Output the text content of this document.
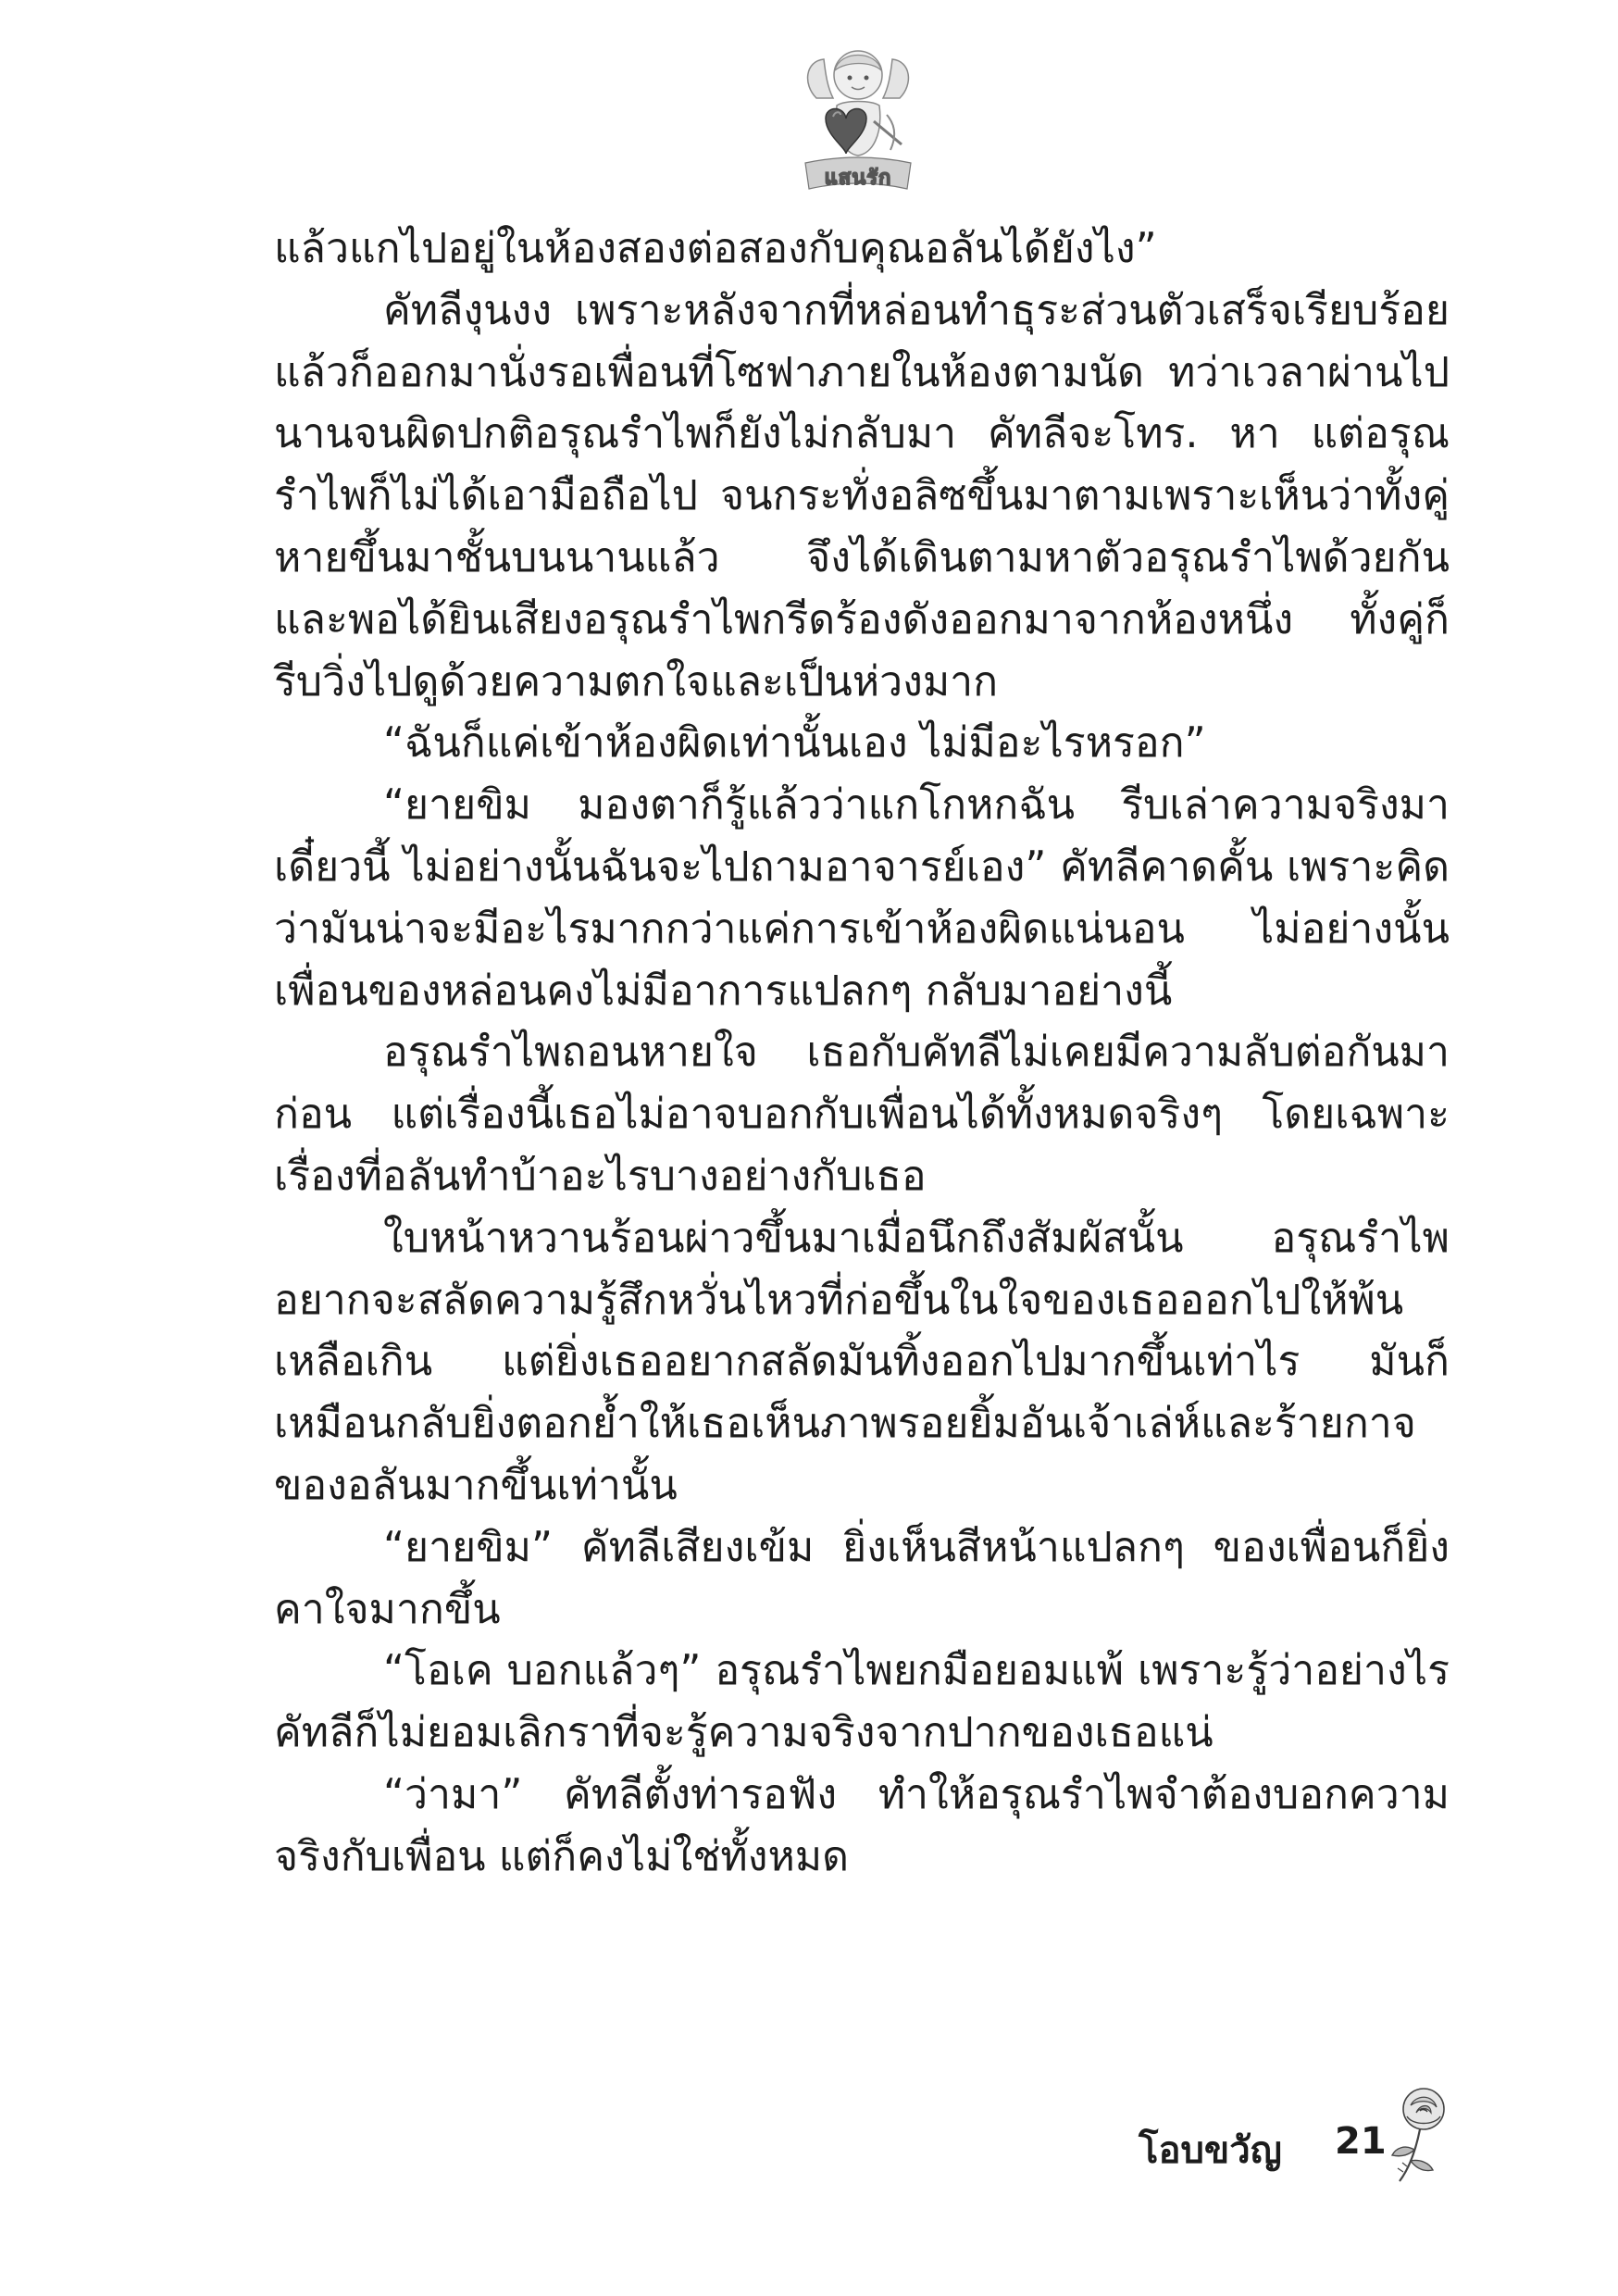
แสนรัก

แล้วแกไปอยู่ในห้องสองต่อสองกับคุณอลันได้ยังไง”

คัทลีงุนงง เพราะหลังจากที่หล่อนทำธุระส่วนตัวเสร็จเรียบร้อยแล้วก็ออกมานั่งรอเพื่อนที่โซฟาภายในห้องตามนัด ทว่าเวลาผ่านไปนานจนผิดปกติอรุณรำไพก็ยังไม่กลับมา คัทลีจะโทร. หา แต่อรุณรำไพก็ไม่ได้เอามือถือไป จนกระทั่งอลิซขึ้นมาตามเพราะเห็นว่าทั้งคู่หายขึ้นมาชั้นบนนานแล้ว จึงได้เดินตามหาตัวอรุณรำไพด้วยกัน และพอได้ยินเสียงอรุณรำไพกรีดร้องดังออกมาจากห้องหนึ่ง ทั้งคู่ก็รีบวิ่งไปดูด้วยความตกใจและเป็นห่วงมาก

“ฉันก็แค่เข้าห้องผิดเท่านั้นเอง ไม่มีอะไรหรอก”

“ยายขิม มองตาก็รู้แล้วว่าแกโกหกฉัน รีบเล่าความจริงมาเดี๋ยวนี้ ไม่อย่างนั้นฉันจะไปถามอาจารย์เอง” คัทลีคาดคั้น เพราะคิดว่ามันน่าจะมีอะไรมากกว่าแค่การเข้าห้องผิดแน่นอน ไม่อย่างนั้นเพื่อนของหล่อนคงไม่มีอาการแปลกๆ กลับมาอย่างนี้

อรุณรำไพถอนหายใจ เธอกับคัทลีไม่เคยมีความลับต่อกันมาก่อน แต่เรื่องนี้เธอไม่อาจบอกกับเพื่อนได้ทั้งหมดจริงๆ โดยเฉพาะเรื่องที่อลันทำบ้าอะไรบางอย่างกับเธอ

ใบหน้าหวานร้อนผ่าวขึ้นมาเมื่อนึกถึงสัมผัสนั้น อรุณรำไพอยากจะสลัดความรู้สึกหวั่นไหวที่ก่อขึ้นในใจของเธอออกไปให้พ้นเหลือเกิน แต่ยิ่งเธออยากสลัดมันทิ้งออกไปมากขึ้นเท่าไร มันก็เหมือนกลับยิ่งตอกย้ำให้เธอเห็นภาพรอยยิ้มอันเจ้าเล่ห์และร้ายกาจของอลันมากขึ้นเท่านั้น

“ยายขิม” คัทลีเสียงเข้ม ยิ่งเห็นสีหน้าแปลกๆ ของเพื่อนก็ยิ่งคาใจมากขึ้น

“โอเค บอกแล้วๆ” อรุณรำไพยกมือยอมแพ้ เพราะรู้ว่าอย่างไรคัทลีก็ไม่ยอมเลิกราที่จะรู้ความจริงจากปากของเธอแน่

“ว่ามา” คัทลีตั้งท่ารอฟัง ทำให้อรุณรำไพจำต้องบอกความจริงกับเพื่อน แต่ก็คงไม่ใช่ทั้งหมด

โอบขวัญ 21
